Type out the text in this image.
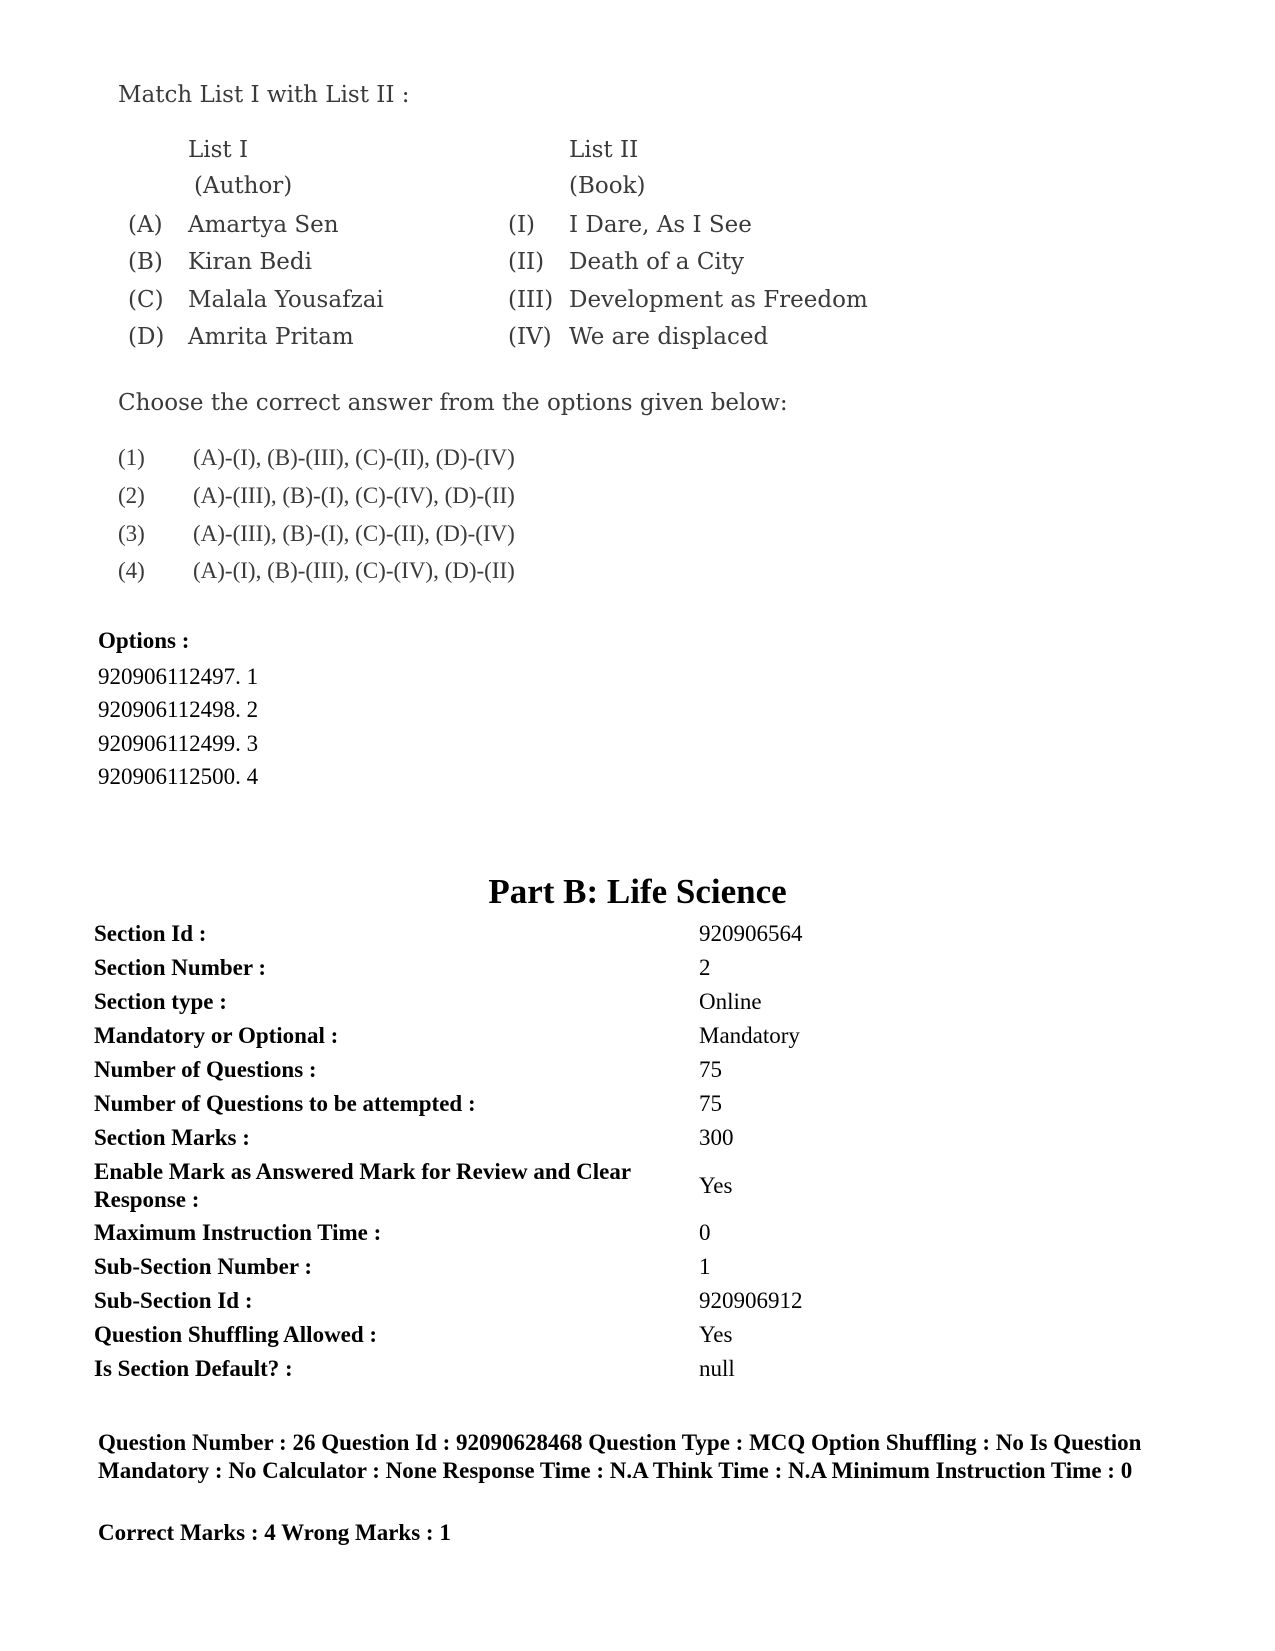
Match List I with List II :
List I
(Author)
List II
(Book)
(A) Amartya Sen	(I) I Dare, As I See
(B) Kiran Bedi	(II) Death of a City
(C) Malala Yousafzai	(III) Development as Freedom
(D) Amrita Pritam	(IV) We are displaced
Choose the correct answer from the options given below:
(1) (A)-(I), (B)-(III), (C)-(II), (D)-(IV)
(2) (A)-(III), (B)-(I), (C)-(IV), (D)-(II)
(3) (A)-(III), (B)-(I), (C)-(II), (D)-(IV)
(4) (A)-(I), (B)-(III), (C)-(IV), (D)-(II)
Options :
920906112497. 1
920906112498. 2
920906112499. 3
920906112500. 4
Part B: Life Science
Section Id :	920906564
Section Number :	2
Section type :	Online
Mandatory or Optional :	Mandatory
Number of Questions :	75
Number of Questions to be attempted :	75
Section Marks :	300
Enable Mark as Answered Mark for Review and Clear Response :
Yes
Maximum Instruction Time :	0
Sub-Section Number :	1
Sub-Section Id :	920906912
Question Shuffling Allowed :	Yes
Is Section Default? :	null
Question Number : 26 Question Id : 92090628468 Question Type : MCQ Option Shuffling : No Is Question Mandatory : No Calculator : None Response Time : N.A Think Time : N.A Minimum Instruction Time : 0
Correct Marks : 4 Wrong Marks : 1
